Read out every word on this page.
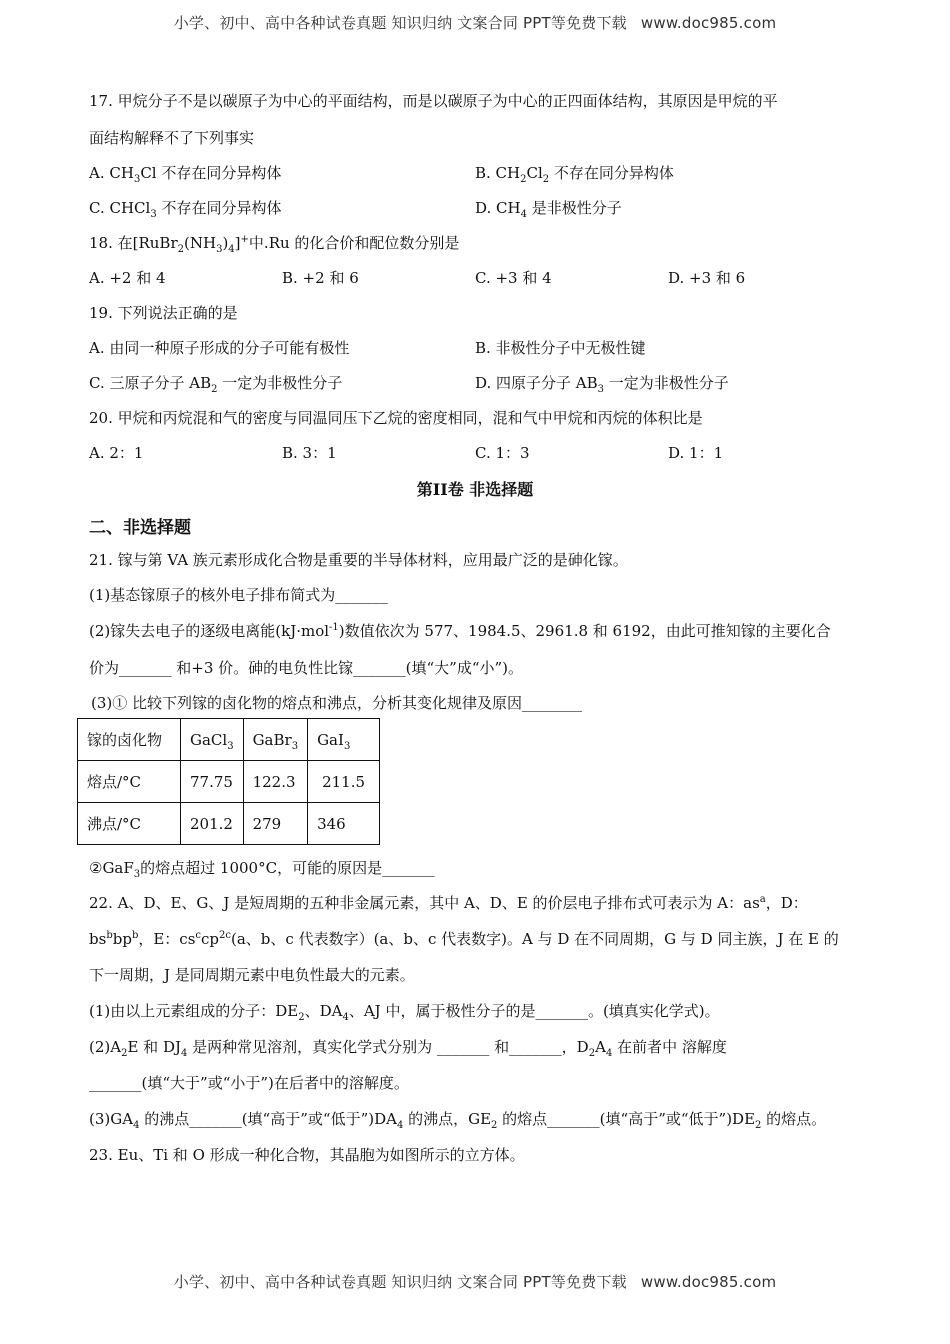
小学、初中、高中各种试卷真题 知识归纳 文案合同 PPT等免费下载 www.doc985.com
17. 甲烷分子不是以碳原子为中心的平面结构，而是以碳原子为中心的正四面体结构，其原因是甲烷的平
面结构解释不了下列事实
A. $CH_3Cl$ 不存在同分异构体	B. $CH_2Cl_2$ 不存在同分异构体
C. CHCl$_3$ 不存在同分异构体	D. $CH_4$ 是非极性分子
18. 在$[RuBr_2(NH_3)_4]^+$中.Ru 的化合价和配位数分别是
A. +2 和 4	B. +2 和 6	C. +3 和 4	D. +3 和 6
19. 下列说法正确的是
A. 由同一种原子形成的分子可能有极性	B. 非极性分子中无极性键
C. 三原子分子 $AB_2$ 一定为非极性分子	D. 四原子分子 $AB_3$ 一定为非极性分子
20. 甲烷和丙烷混和气的密度与同温同压下乙烷的密度相同，混和气中甲烷和丙烷的体积比是
A. 2：1	B. 3：1	C. 1：3	D. 1：1
第II卷 非选择题
二、非选择题
21. 镓与第 VA 族元素形成化合物是重要的半导体材料，应用最广泛的是砷化镓。
(1)基态镓原子的核外电子排布简式为_______
(2)镓失去电子的逐级电离能(kJ·mol$^{-1}$)数值依次为 577、1984.5、2961.8 和 6192，由此可推知镓的主要化合
价为_______ 和+3 价。砷的电负性比镓_______(填“大”成“小”)。
(3)① 比较下列镓的卤化物的熔点和沸点，分析其变化规律及原因________
镓的卤化物	GaCl$_3$	GaBr$_3$	GaI$_3$
熔点/°C	77.75	122.3	211.5
沸点/°C	201.2	279	346
②GaF$_3$的熔点超过 1000°C，可能的原因是_______
22. A、D、E、G、J 是短周期的五种非金属元素，其中 A、D、E 的价层电子排布式可表示为 A：$as^a$，D：
$bs^bbp^b$，E：$cs^ccp^{2c}(a$、b、c 代表数字）(a、b、c 代表数字)。A 与 D 在不同周期，G 与 D 同主族，J 在 E 的
下一周期，J 是同周期元素中电负性最大的元素。
(1)由以上元素组成的分子：$DE_2$、$DA_4$、AJ 中，属于极性分子的是_______。(填真实化学式)。
$(2)A_2E$ 和 $DJ_4$ 是两种常见溶剂，真实化学式分别为 _______ 和_______，$D_2A_4$ 在前者中 溶解度
_______(填“大于”或“小于”)在后者中的溶解度。
$(3)GA_4$ 的沸点_______(填“高于”或“低于$”)DA_4$ 的沸点，$GE_2$ 的熔点_______(填“高于”或“低于$”)DE_2$ 的熔点。
23. Eu、Ti 和 O 形成一种化合物，其晶胞为如图所示的立方体。
小学、初中、高中各种试卷真题 知识归纳 文案合同 PPT等免费下载 www.doc985.com
